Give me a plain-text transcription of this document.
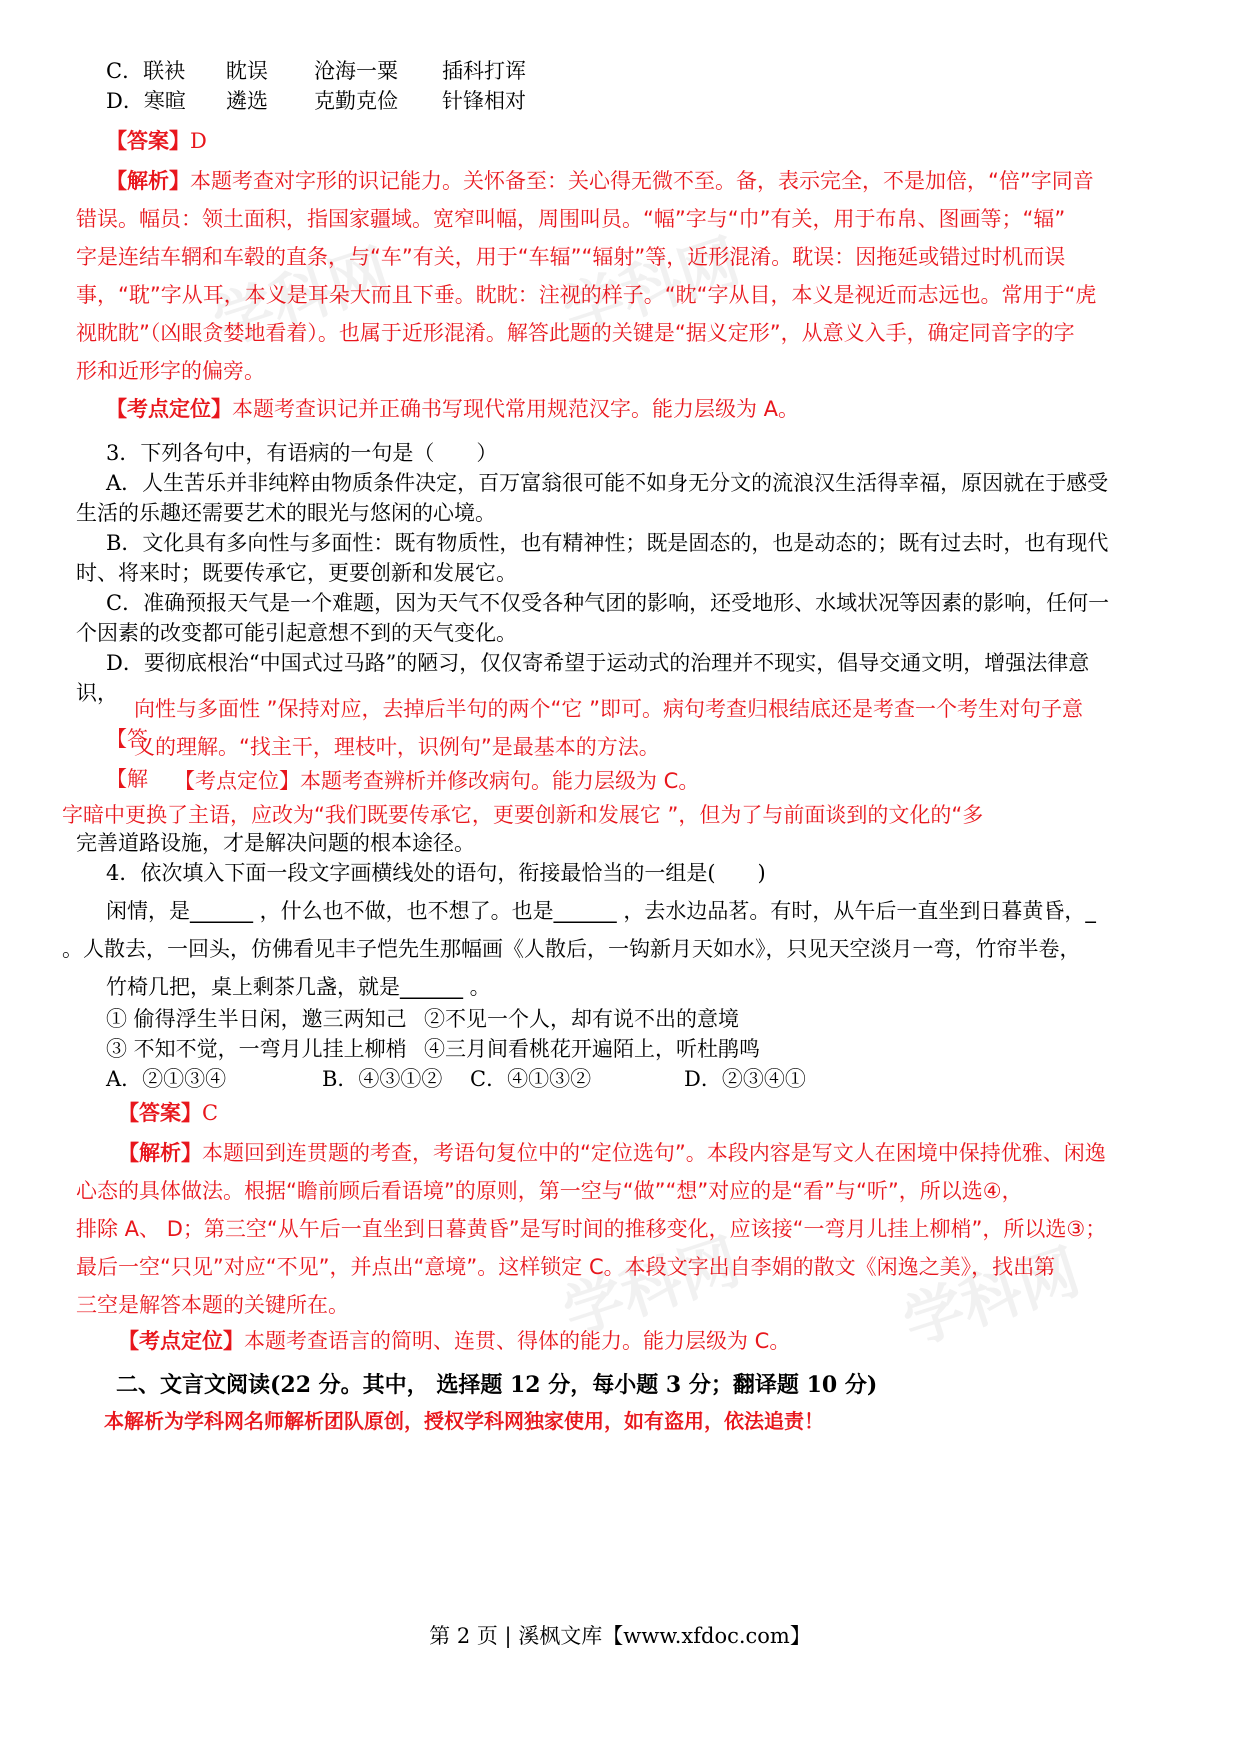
学科网	学科网
学科网 学科网
C．联袂 眈误 沧海一粟 插科打诨
D．寒暄 遴选 克勤克俭 针锋相对
【答案】D
【解析】本题考查对字形的识记能力。关怀备至：关心得无微不至。备，表示完全，不是加倍，“倍”字同音
错误。幅员：领土面积，指国家疆域。宽窄叫幅，周围叫员。“幅”字与“巾”有关，用于布帛、图画等；“辐”
字是连结车辋和车毂的直条，与“车”有关，用于“车辐”“辐射”等，近形混淆。耽误：因拖延或错过时机而误
事，“耽”字从耳，本义是耳朵大而且下垂。眈眈：注视的样子。“眈“字从目，本义是视近而志远也。常用于“虎
视眈眈”（凶眼贪婪地看着）。也属于近形混淆。解答此题的关键是“据义定形”，从意义入手，确定同音字的字
形和近形字的偏旁。
【考点定位】本题考查识记并正确书写现代常用规范汉字。能力层级为 A。
3．下列各句中，有语病的一句是（　　）
A．人生苦乐并非纯粹由物质条件决定，百万富翁很可能不如身无分文的流浪汉生活得幸福，原因就在于感受
生活的乐趣还需要艺术的眼光与悠闲的心境。
B．文化具有多向性与多面性：既有物质性，也有精神性；既是固态的，也是动态的；既有过去时，也有现代
时、将来时；既要传承它，更要创新和发展它。
C．准确预报天气是一个难题，因为天气不仅受各种气团的影响，还受地形、水域状况等因素的影响，任何一
个因素的改变都可能引起意想不到的天气变化。
D．要彻底根治“中国式过马路”的陋习，仅仅寄希望于运动式的治理并不现实，倡导交通文明，增强法律意
识，
向性与多面性 ”保持对应，去掉后半句的两个“它 ”即可。病句考查归根结底还是考查一个考生对句子意
【答
义的理解。“找主干，理枝叶，识例句”是最基本的方法。
【解 【考点定位】本题考查辨析并修改病句。能力层级为 C。
字暗中更换了主语，应改为“我们既要传承它，更要创新和发展它 ”，但为了与前面谈到的文化的“多
完善道路设施，才是解决问题的根本途径。
4．依次填入下面一段文字画横线处的语句，衔接最恰当的一组是(　　)
闲情，是______ ，什么也不做，也不想了。也是______ ，去水边品茗。有时，从午后一直坐到日暮黄昏，_
。人散去，一回头，仿佛看见丰子恺先生那幅画《人散后，一钩新月天如水》，只见天空淡月一弯，竹帘半卷，
竹椅几把，桌上剩茶几盏，就是______ 。
① 偷得浮生半日闲，邀三两知己 ②不见一个人，却有说不出的意境
③ 不知不觉，一弯月儿挂上柳梢 ④三月间看桃花开遍陌上，听杜鹃鸣
A．②①③④	B．④③①② C．④①③②	D．②③④①
【答案】C
【解析】本题回到连贯题的考查，考语句复位中的“定位选句”。本段内容是写文人在困境中保持优雅、闲逸
心态的具体做法。根据“瞻前顾后看语境”的原则，第一空与“做”“想”对应的是“看”与“听”，所以选④，
排除 A、 D；第三空“从午后一直坐到日暮黄昏”是写时间的推移变化，应该接“一弯月儿挂上柳梢”，所以选③；
最后一空“只见”对应“不见”，并点出“意境”。这样锁定 C。本段文字出自李娟的散文《闲逸之美》，找出第
三空是解答本题的关键所在。
【考点定位】本题考查语言的简明、连贯、得体的能力。能力层级为 C。
二、文言文阅读(22 分。其中， 选择题 12 分，每小题 3 分；翻译题 10 分)
本解析为学科网名师解析团队原创，授权学科网独家使用，如有盗用，依法追责！
第 2 页 | 溪枫文库【www.xfdoc.com】
